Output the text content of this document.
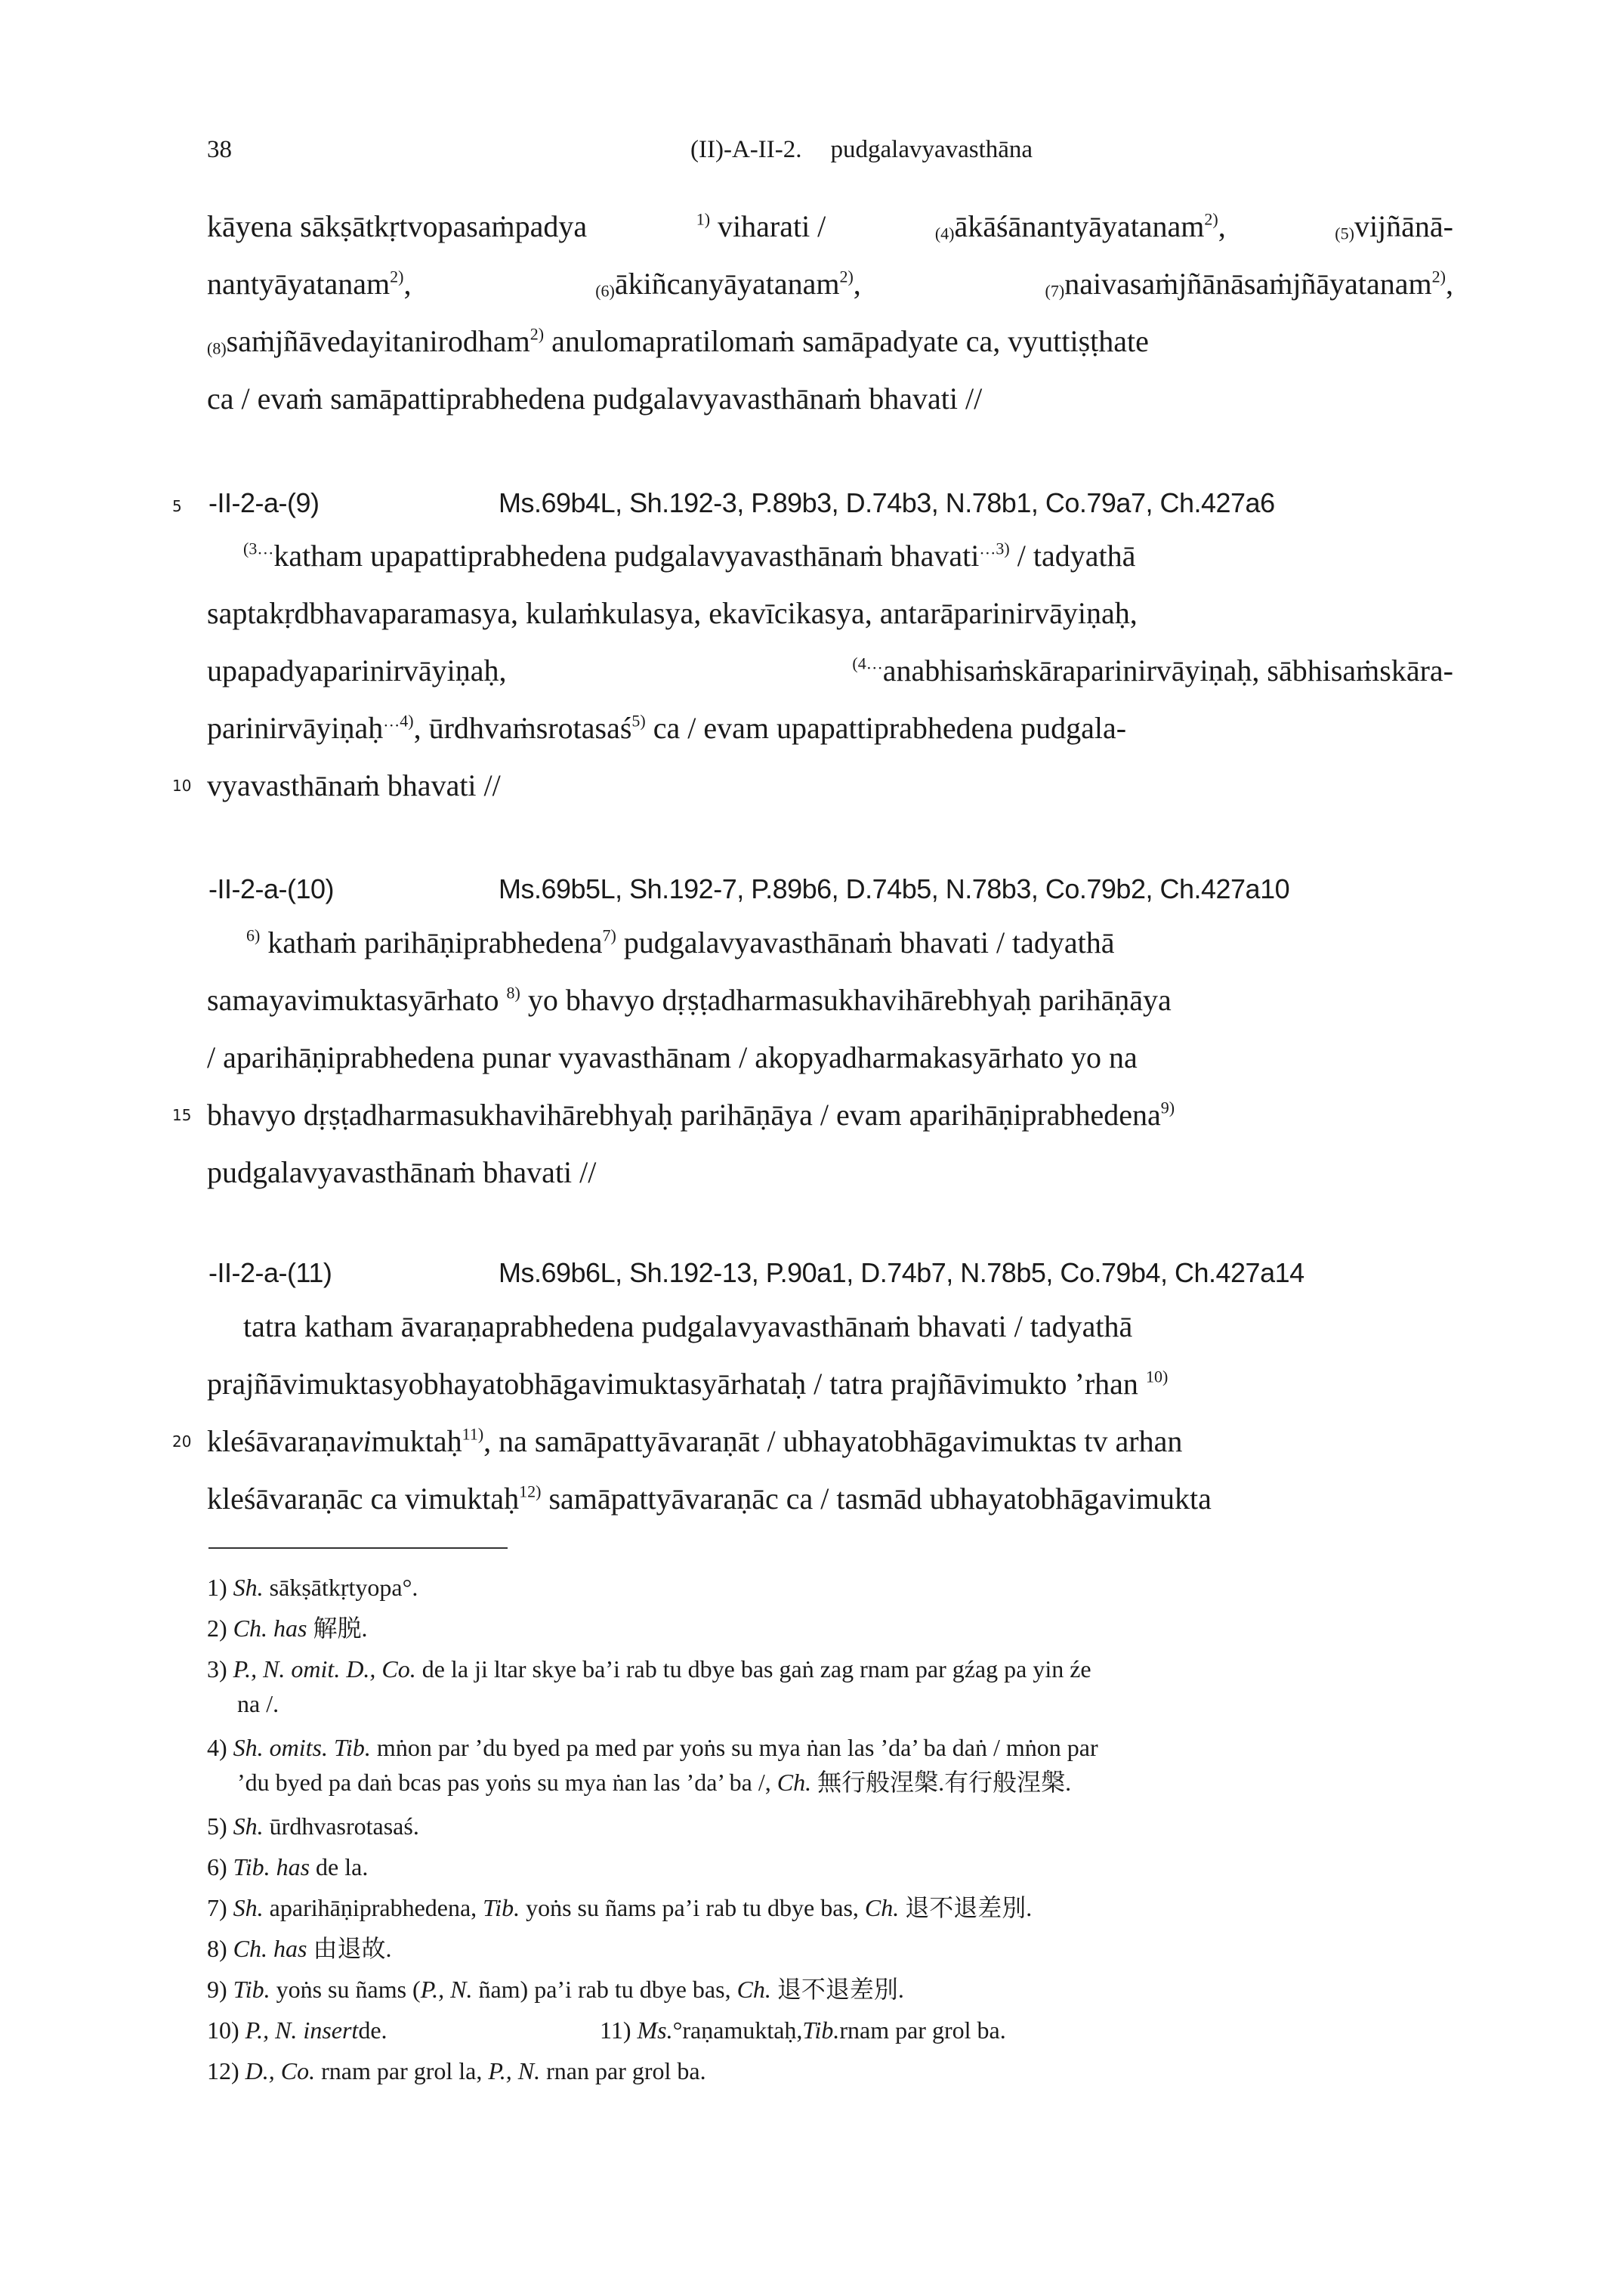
38	(II)-A-II-2. pudgalavyavasthāna
kāyena sākṣātkṛtvopasaṁpadya	$^{1)}$ viharati /	$_{(4)}$ākāśānantyāyatanam$^{2)}$,	$_{(5)}$vijñānā-
nantyāyatanam$^{2)}$,	$_{(6)}$ākiñcanyāyatanam$^{2)}$,	$_{(7)}$naivasaṁjñānāsaṁjñāyatanam$^{2)}$,
$_{(8)}$saṁjñāvedayitanirodham$^{2)}$ anulomapratilomaṁ samāpadyate ca, vyuttiṣṭhate
ca / evaṁ samāpattiprabhedena pudgalavyavasthānaṁ bhavati //
5 -II-2-a-(9)	Ms.69b4L, Sh.192-3, P.89b3, D.74b3, N.78b1, Co.79a7, Ch.427a6
$^{(3\dots}$katham upapattiprabhedena pudgalavyavasthānaṁ bhavati$^{\dots 3)}$ / tadyathā
saptakṛdbhavaparamasya, kulaṁkulasya, ekavīcikasya, antarāparinirvāyiṇaḥ,
upapadyaparinirvāyiṇaḥ,	$^{(4\dots}$anabhisaṁskāraparinirvāyiṇaḥ, sābhisaṁskāra-
parinirvāyiṇaḥ$^{\dots 4)}$, ūrdhvaṁsrotasaś$^{5)}$ ca / evam upapattiprabhedena pudgala-
10 vyavasthānaṁ bhavati //
-II-2-a-(10)	Ms.69b5L, Sh.192-7, P.89b6, D.74b5, N.78b3, Co.79b2, Ch.427a10
$^{6)}$ kathaṁ parihāṇiprabhedena$^{7)}$ pudgalavyavasthānaṁ bhavati / tadyathā
samayavimuktasyārhato $^{8)}$ yo bhavyo dṛṣṭadharmasukhavihārebhyaḥ parihāṇāya
/ aparihāṇiprabhedena punar vyavasthānam / akopyadharmakasyārhato yo na
15 bhavyo dṛṣṭadharmasukhavihārebhyaḥ parihāṇāya / evam aparihāṇiprabhedena$^{9)}$
pudgalavyavasthānaṁ bhavati //
-II-2-a-(11)	Ms.69b6L, Sh.192-13, P.90a1, D.74b7, N.78b5, Co.79b4, Ch.427a14
tatra katham āvaraṇaprabhedena pudgalavyavasthānaṁ bhavati / tadyathā
prajñāvimuktasyobhayatobhāgavimuktasyārhataḥ / tatra prajñāvimukto ’rhan $^{10)}$
20 kleśāvaraṇavimuktaḥ$^{11)}$, na samāpattyāvaraṇāt / ubhayatobhāgavimuktas tv arhan
kleśāvaraṇāc ca vimuktaḥ$^{12)}$ samāpattyāvaraṇāc ca / tasmād ubhayatobhāgavimukta
1) Sh. sākṣātkṛtyopa°.
2) Ch. has 解脱.
3) P., N. omit. D., Co. de la ji ltar skye ba’i rab tu dbye bas gaṅ zag rnam par gźag pa yin źe
na /.
4) Sh. omits. Tib. mṅon par ’du byed pa med par yoṅs su mya ṅan las ’da’ ba daṅ / mṅon par
’du byed pa daṅ bcas pas yoṅs su mya ṅan las ’da’ ba /, Ch. 無行般涅槃.有行般涅槃.
5) Sh. ūrdhvasrotasaś.
6) Tib. has de la.
7) Sh. aparihāṇiprabhedena, Tib. yoṅs su ñams pa’i rab tu dbye bas, Ch. 退不退差別.
8) Ch. has 由退故.
9) Tib. yoṅs su ñams (P., N. ñam) pa’i rab tu dbye bas, Ch. 退不退差別.
10) P., N. insertde.	11) Ms.°raṇamuktaḥ,Tib.rnam par grol ba.
12) D., Co. rnam par grol la, P., N. rnan par grol ba.
